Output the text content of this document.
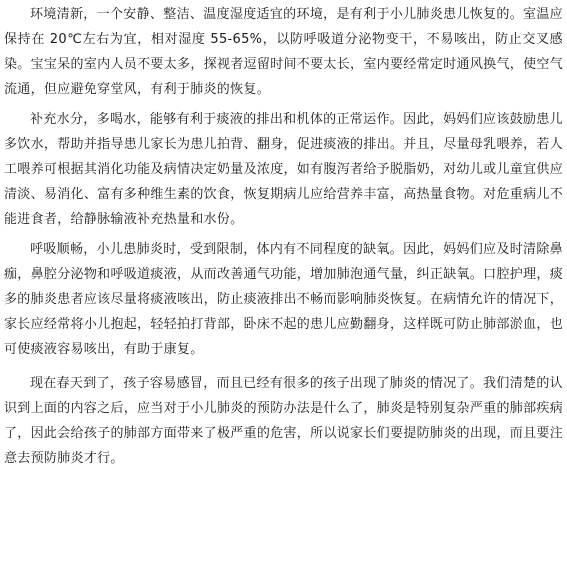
环境清新，一个安静、整洁、温度湿度适宜的环境，是有利于小儿肺炎患儿恢复的。室温应保持在 20℃左右为宜，相对湿度 55-65%，以防呼吸道分泌物变干，不易咳出，防止交叉感染。宝宝呆的室内人员不要太多，探视者逗留时间不要太长，室内要经常定时通风换气，使空气流通，但应避免穿堂风，有利于肺炎的恢复。

补充水分，多喝水，能够有利于痰液的排出和机体的正常运作。因此，妈妈们应该鼓励患儿多饮水，帮助并指导患儿家长为患儿拍背、翻身，促进痰液的排出。并且，尽量母乳喂养，若人工喂养可根据其消化功能及病情决定奶量及浓度，如有腹泻者给予脱脂奶，对幼儿或儿童宜供应清淡、易消化、富有多种维生素的饮食，恢复期病儿应给营养丰富，高热量食物。对危重病儿不能进食者，给静脉输液补充热量和水份。

呼吸顺畅，小儿患肺炎时，受到限制，体内有不同程度的缺氧。因此，妈妈们应及时清除鼻痂，鼻腔分泌物和呼吸道痰液，从而改善通气功能，增加肺泡通气量，纠正缺氧。口腔护理，痰多的肺炎患者应该尽量将痰液咳出，防止痰液排出不畅而影响肺炎恢复。在病情允许的情况下，家长应经常将小儿抱起，轻轻拍打背部，卧床不起的患儿应勤翻身，这样既可防止肺部淤血，也可使痰液容易咳出，有助于康复。

现在春天到了，孩子容易感冒，而且已经有很多的孩子出现了肺炎的情况了。我们清楚的认识到上面的内容之后，应当对于小儿肺炎的预防办法是什么了，肺炎是特别复杂严重的肺部疾病了，因此会给孩子的肺部方面带来了极严重的危害，所以说家长们要提防肺炎的出现，而且要注意去预防肺炎才行。
